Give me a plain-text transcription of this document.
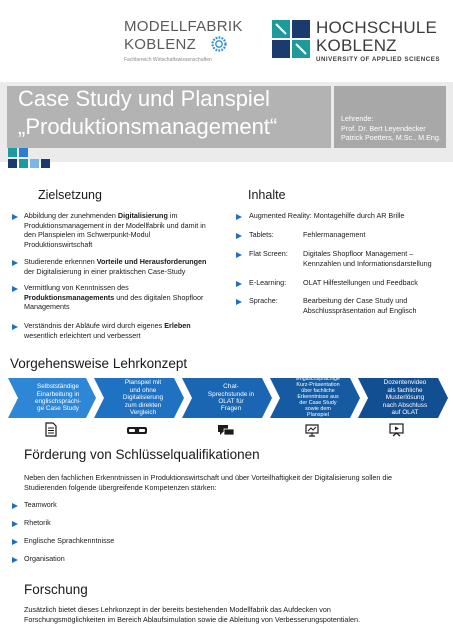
MODELLFABRIK
KOBLENZ
Fachbereich Wirtschaftswissenschaften
HOCHSCHULE
KOBLENZ
UNIVERSITY OF APPLIED SCIENCES
Case Study und Planspiel
„Produktionsmanagement“	Lehrende:
Prof. Dr. Bert Leyendecker
Patrick Poetters, M.Sc., M.Eng.
Zielsetzung
Abbildung der zunehmenden Digitalisierung im
Produktionsmanagement in der Modellfabrik und damit in
den Planspielen im Schwerpunkt-Modul
Produktionswirtschaft
Studierende erkennen Vorteile und Herausforderungen
der Digitalisierung in einer praktischen Case-Study
Vermittlung von Kenntnissen des
Produktionsmanagements und des digitalen Shopfloor
Managements
Verständnis der Abläufe wird durch eigenes Erleben
wesentlich erleichtert und verbessert
Inhalte
Augmented Reality: Montagehilfe durch AR Brille
Tablets:	Fehlermanagement
Flat Screen: Digitales Shopfloor Management –
Kennzahlen und Informationsdarstellung
E-Learning: OLAT Hilfestellungen und Feedback
Sprache:	Bearbeitung der Case Study und
Abschlusspräsentation auf Englisch
Vorgehensweise Lehrkonzept
Selbstständige
Einarbeitung in
englischsprachi-
ge Case Study
Planspiel mit
und ohne
Digitalisierung
zum direkten
Vergleich
Chat-
Sprechstunde in
OLAT für
Fragen
Englischsprachige
Kurz-Präsentation
über fachliche
Erkenntnisse aus
der Case Study
sowie dem
Planspiel
Dozentenvideo
als fachliche
Musterlösung
nach Abschluss
auf OLAT
Förderung von Schlüsselqualifikationen
Neben den fachlichen Erkenntnissen in Produktionswirtschaft und über Vorteilhaftigkeit der Digitalisierung sollen die
Studierenden folgende übergreifende Kompetenzen stärken:
Teamwork
Rhetorik
Englische Sprachkenntnisse
Organisation
Forschung
Zusätzlich bietet dieses Lehrkonzept in der bereits bestehenden Modellfabrik das Aufdecken von
Forschungsmöglichkeiten im Bereich Ablaufsimulation sowie die Ableitung von Verbesserungspotentialen.
